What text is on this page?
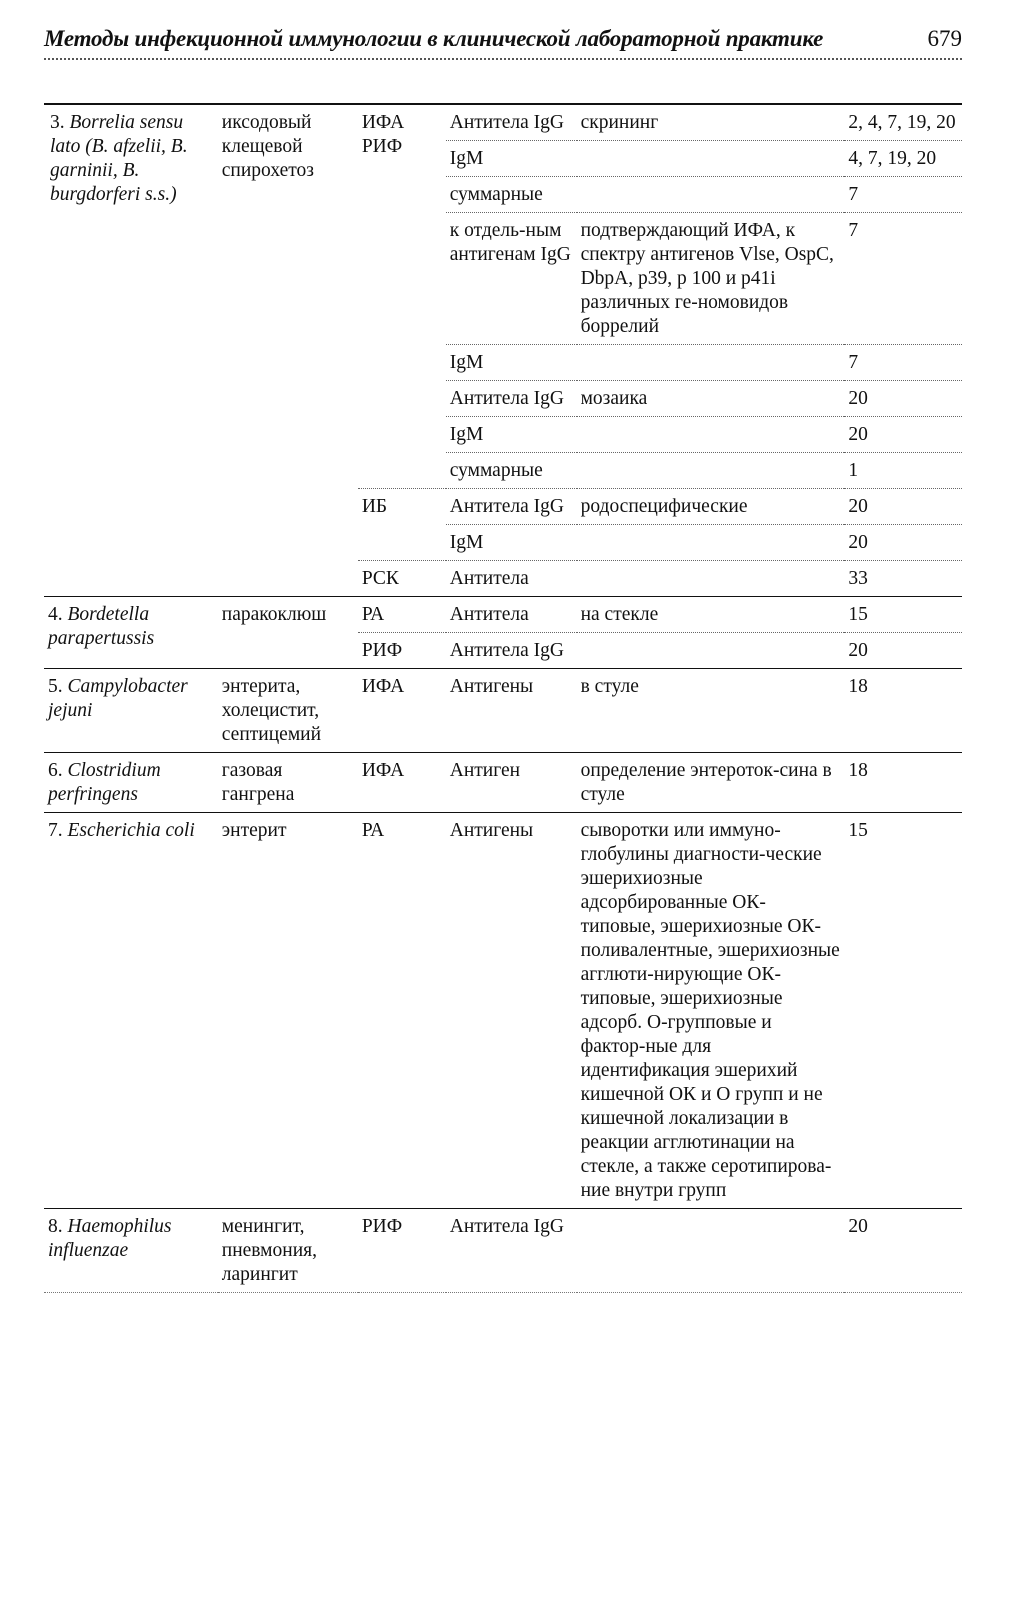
Методы инфекционной иммунологии в клинической лабораторной практике	679
3. Borrelia sensu lato (B. afzelii, B. garninii, B. burgdorferi s.s.)	иксодовый клещевой спирохетоз	ИФА РИФ	Антитела IgG	скрининг	2, 4, 7, 19, 20
			IgM		4, 7, 19, 20
			суммарные		7
			к отдель-ным антигенам IgG	подтверждающий ИФА, к спектру антигенов Vlse, OspC, DbpA, p39, p 100 и p41i различных ге-номовидов боррелий	7
			IgM		7
			Антитела IgG	мозаика	20
			IgM		20
			суммарные		1
		ИБ	Антитела IgG	родоспецифические	20
			IgM		20
		РСК	Антитела		33
4. Bordetella parapertussis	паракоклюш	РА	Антитела	на стекле	15
		РИФ	Антитела IgG		20
5. Campylobacter jejuni	энтерита, холецистит, септицемий	ИФА	Антигены	в стуле	18
6. Clostridium perfringens	газовая гангрена	ИФА	Антиген	определение энтероток-сина в стуле	18
7. Escherichia coli	энтерит	РА	Антигены	сыворотки или иммуно-глобулины диагности-ческие эшерихиозные адсорбированные ОК-типовые, эшерихиозные ОК-поливалентные, эшерихиозные агглюти-нирующие ОК-типовые, эшерихиозные адсорб. О-групповые и фактор-ные для идентификация эшерихий кишечной ОК и О групп и не кишечной локализации в реакции агглютинации на стекле, а также серотипирова-ние внутри групп	15
8. Haemophilus influenzae	менингит, пневмония, ларингит	РИФ	Антитела IgG		20
